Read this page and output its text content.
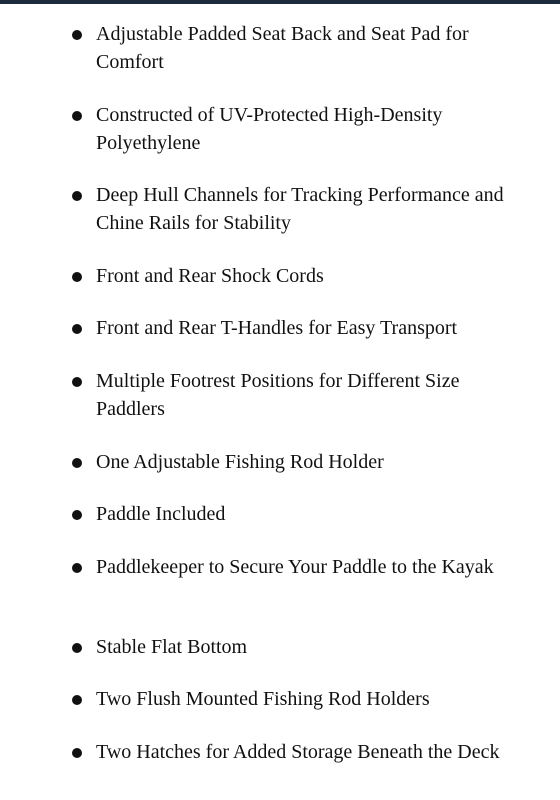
Adjustable Padded Seat Back and Seat Pad for Comfort
Constructed of UV-Protected High-Density Polyethylene
Deep Hull Channels for Tracking Performance and Chine Rails for Stability
Front and Rear Shock Cords
Front and Rear T-Handles for Easy Transport
Multiple Footrest Positions for Different Size Paddlers
One Adjustable Fishing Rod Holder
Paddle Included
Paddlekeeper to Secure Your Paddle to the Kayak
Stable Flat Bottom
Two Flush Mounted Fishing Rod Holders
Two Hatches for Added Storage Beneath the Deck
